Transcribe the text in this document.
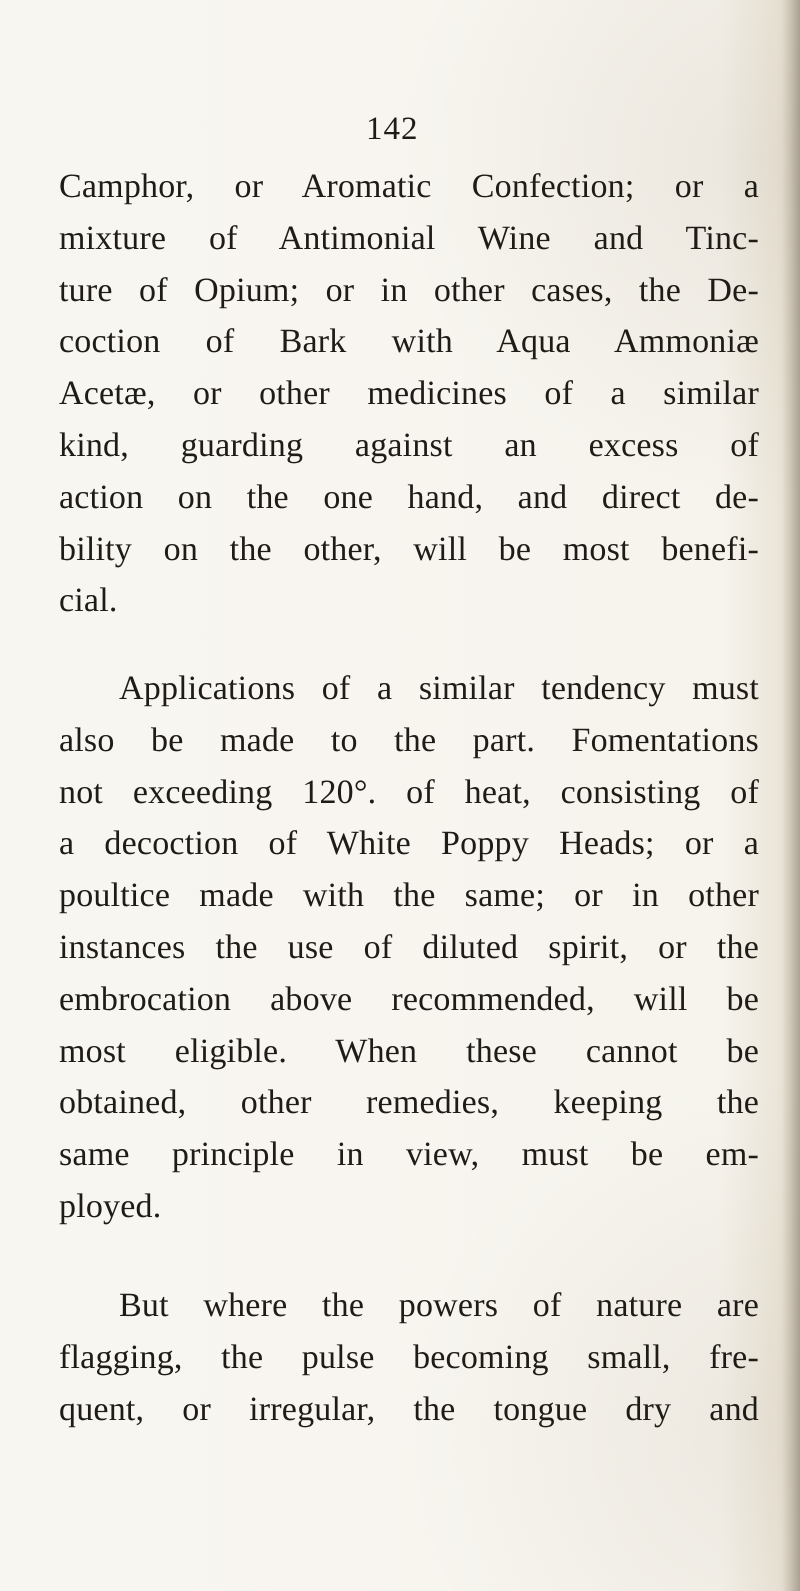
142
Camphor, or Aromatic Confection; or a
mixture of Antimonial Wine and Tinc-
ture of Opium; or in other cases, the De-
coction of Bark with Aqua Ammoniæ
Acetæ, or other medicines of a similar
kind, guarding against an excess of
action on the one hand, and direct de-
bility on the other, will be most benefi-
cial.
Applications of a similar tendency must
also be made to the part. Fomentations
not exceeding 120°. of heat, consisting of
a decoction of White Poppy Heads; or a
poultice made with the same; or in other
instances the use of diluted spirit, or the
embrocation above recommended, will be
most eligible. When these cannot be
obtained, other remedies, keeping the
same principle in view, must be em-
ployed.
But where the powers of nature are
flagging, the pulse becoming small, fre-
quent, or irregular, the tongue dry and
